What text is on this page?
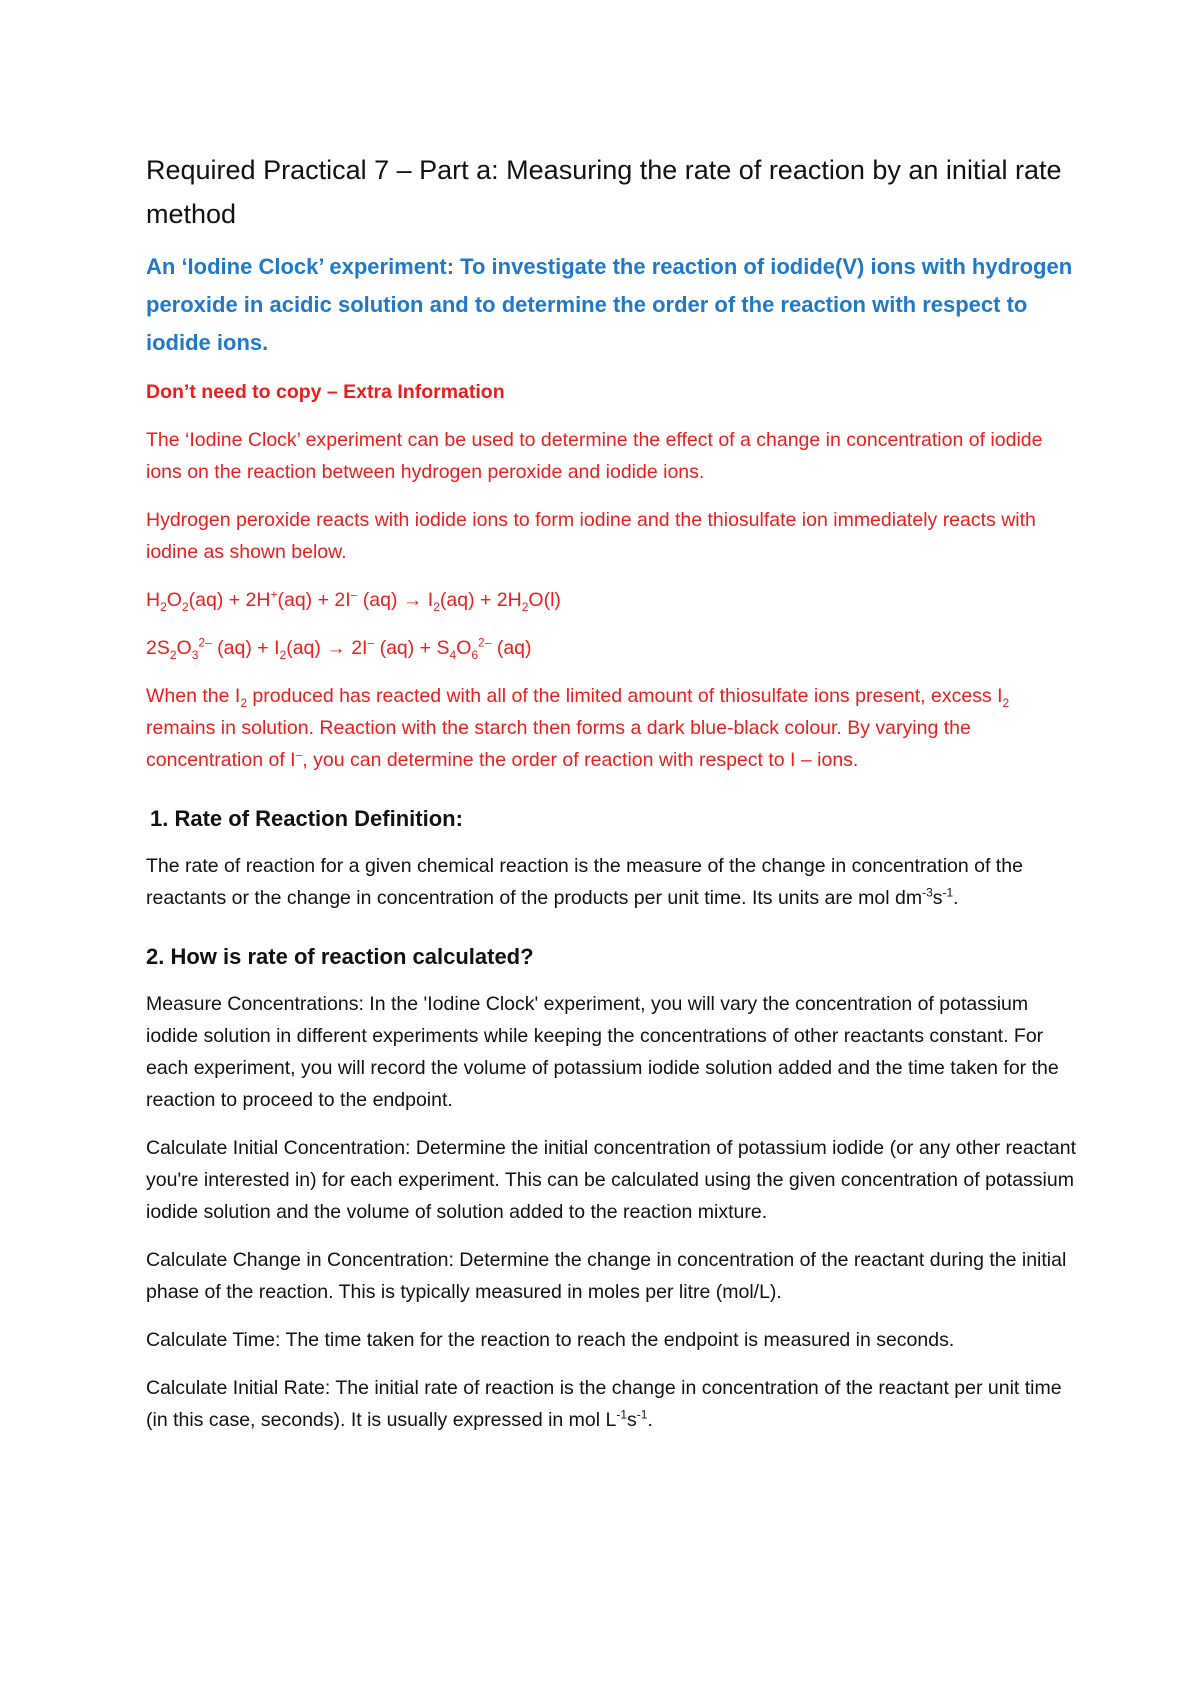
Required Practical 7 – Part a: Measuring the rate of reaction by an initial rate method

An ‘Iodine Clock’ experiment: To investigate the reaction of iodide(V) ions with hydrogen peroxide in acidic solution and to determine the order of the reaction with respect to iodide ions.

Don’t need to copy – Extra Information

The ‘Iodine Clock’ experiment can be used to determine the effect of a change in concentration of iodide ions on the reaction between hydrogen peroxide and iodide ions.

Hydrogen peroxide reacts with iodide ions to form iodine and the thiosulfate ion immediately reacts with iodine as shown below.

$H_2O_2(aq) + 2H^+(aq) + 2I^-$ $(aq) \to I_2(aq) + 2H_2O(l)$

$2S_2O_3^{2-}$ $(aq) + I_2(aq) \to 2I^-$ $(aq) + S_4O_6^{2-}$ (aq)

When the $I_2$ produced has reacted with all of the limited amount of thiosulfate ions present, excess $I_2$ remains in solution. Reaction with the starch then forms a dark blue-black colour. By varying the concentration of I–, you can determine the order of reaction with respect to I – ions.

1. Rate of Reaction Definition:

The rate of reaction for a given chemical reaction is the measure of the change in concentration of the reactants or the change in concentration of the products per unit time. Its units are mol $dm^{-3}s^{-1}$.

2. How is rate of reaction calculated?

Measure Concentrations: In the 'Iodine Clock' experiment, you will vary the concentration of potassium iodide solution in different experiments while keeping the concentrations of other reactants constant. For each experiment, you will record the volume of potassium iodide solution added and the time taken for the reaction to proceed to the endpoint.

Calculate Initial Concentration: Determine the initial concentration of potassium iodide (or any other reactant you're interested in) for each experiment. This can be calculated using the given concentration of potassium iodide solution and the volume of solution added to the reaction mixture.

Calculate Change in Concentration: Determine the change in concentration of the reactant during the initial phase of the reaction. This is typically measured in moles per litre (mol/L).

Calculate Time: The time taken for the reaction to reach the endpoint is measured in seconds.

Calculate Initial Rate: The initial rate of reaction is the change in concentration of the reactant per unit time (in this case, seconds). It is usually expressed in mol $L^{-1}s^{-1}$.
